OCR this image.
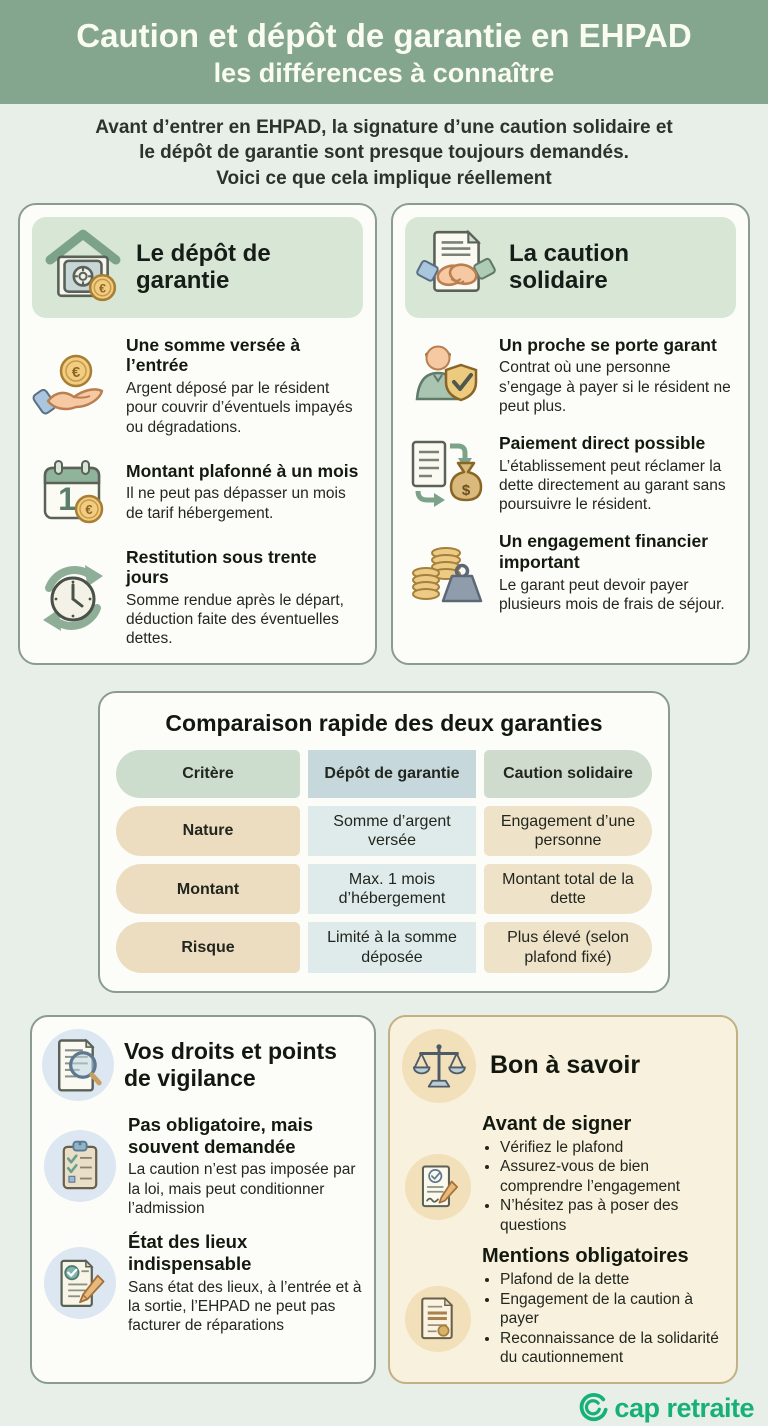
Caution et dépôt de garantie en EHPAD
les différences à connaître
Avant d’entrer en EHPAD, la signature d’une caution solidaire et
le dépôt de garantie sont presque toujours demandés.
Voici ce que cela implique réellement
€
Le dépôt de garantie
€
Une somme versée à l’entrée
Argent déposé par le résident pour couvrir d’éventuels impayés ou dégradations.
1 €
Montant plafonné à un mois
Il ne peut pas dépasser un mois de tarif hébergement.
Restitution sous trente jours
Somme rendue après le départ, déduction faite des éventuelles dettes.
La caution solidaire
Un proche se porte garant
Contrat où une personne s’engage à payer si le résident ne peut plus.
$
Paiement direct possible
L’établissement peut réclamer la dette directement au garant sans poursuivre le résident.
Un engagement financier important
Le garant peut devoir payer plusieurs mois de frais de séjour.
Comparaison rapide des deux garanties
Critère	Dépôt de garantie	Caution solidaire
Nature
Somme d’argent versée
Engagement d’une personne
Montant
Max. 1 mois d’hébergement
Montant total de la dette
Risque
Limité à la somme déposée
Plus élevé (selon plafond fixé)
Vos droits et points de vigilance
Pas obligatoire, mais souvent demandée
La caution n’est pas imposée par la loi, mais peut conditionner l’admission
État des lieux indispensable
Sans état des lieux, à l’entrée et à la sortie, l’EHPAD ne peut pas facturer de réparations
Bon à savoir
Avant de signer
• Vérifiez le plafond
• Assurez-vous de bien comprendre l’engagement
• N’hésitez pas à poser des questions
Mentions obligatoires
• Plafond de la dette
• Engagement de la caution à payer
• Reconnaissance de la solidarité du cautionnement
cap retraite
